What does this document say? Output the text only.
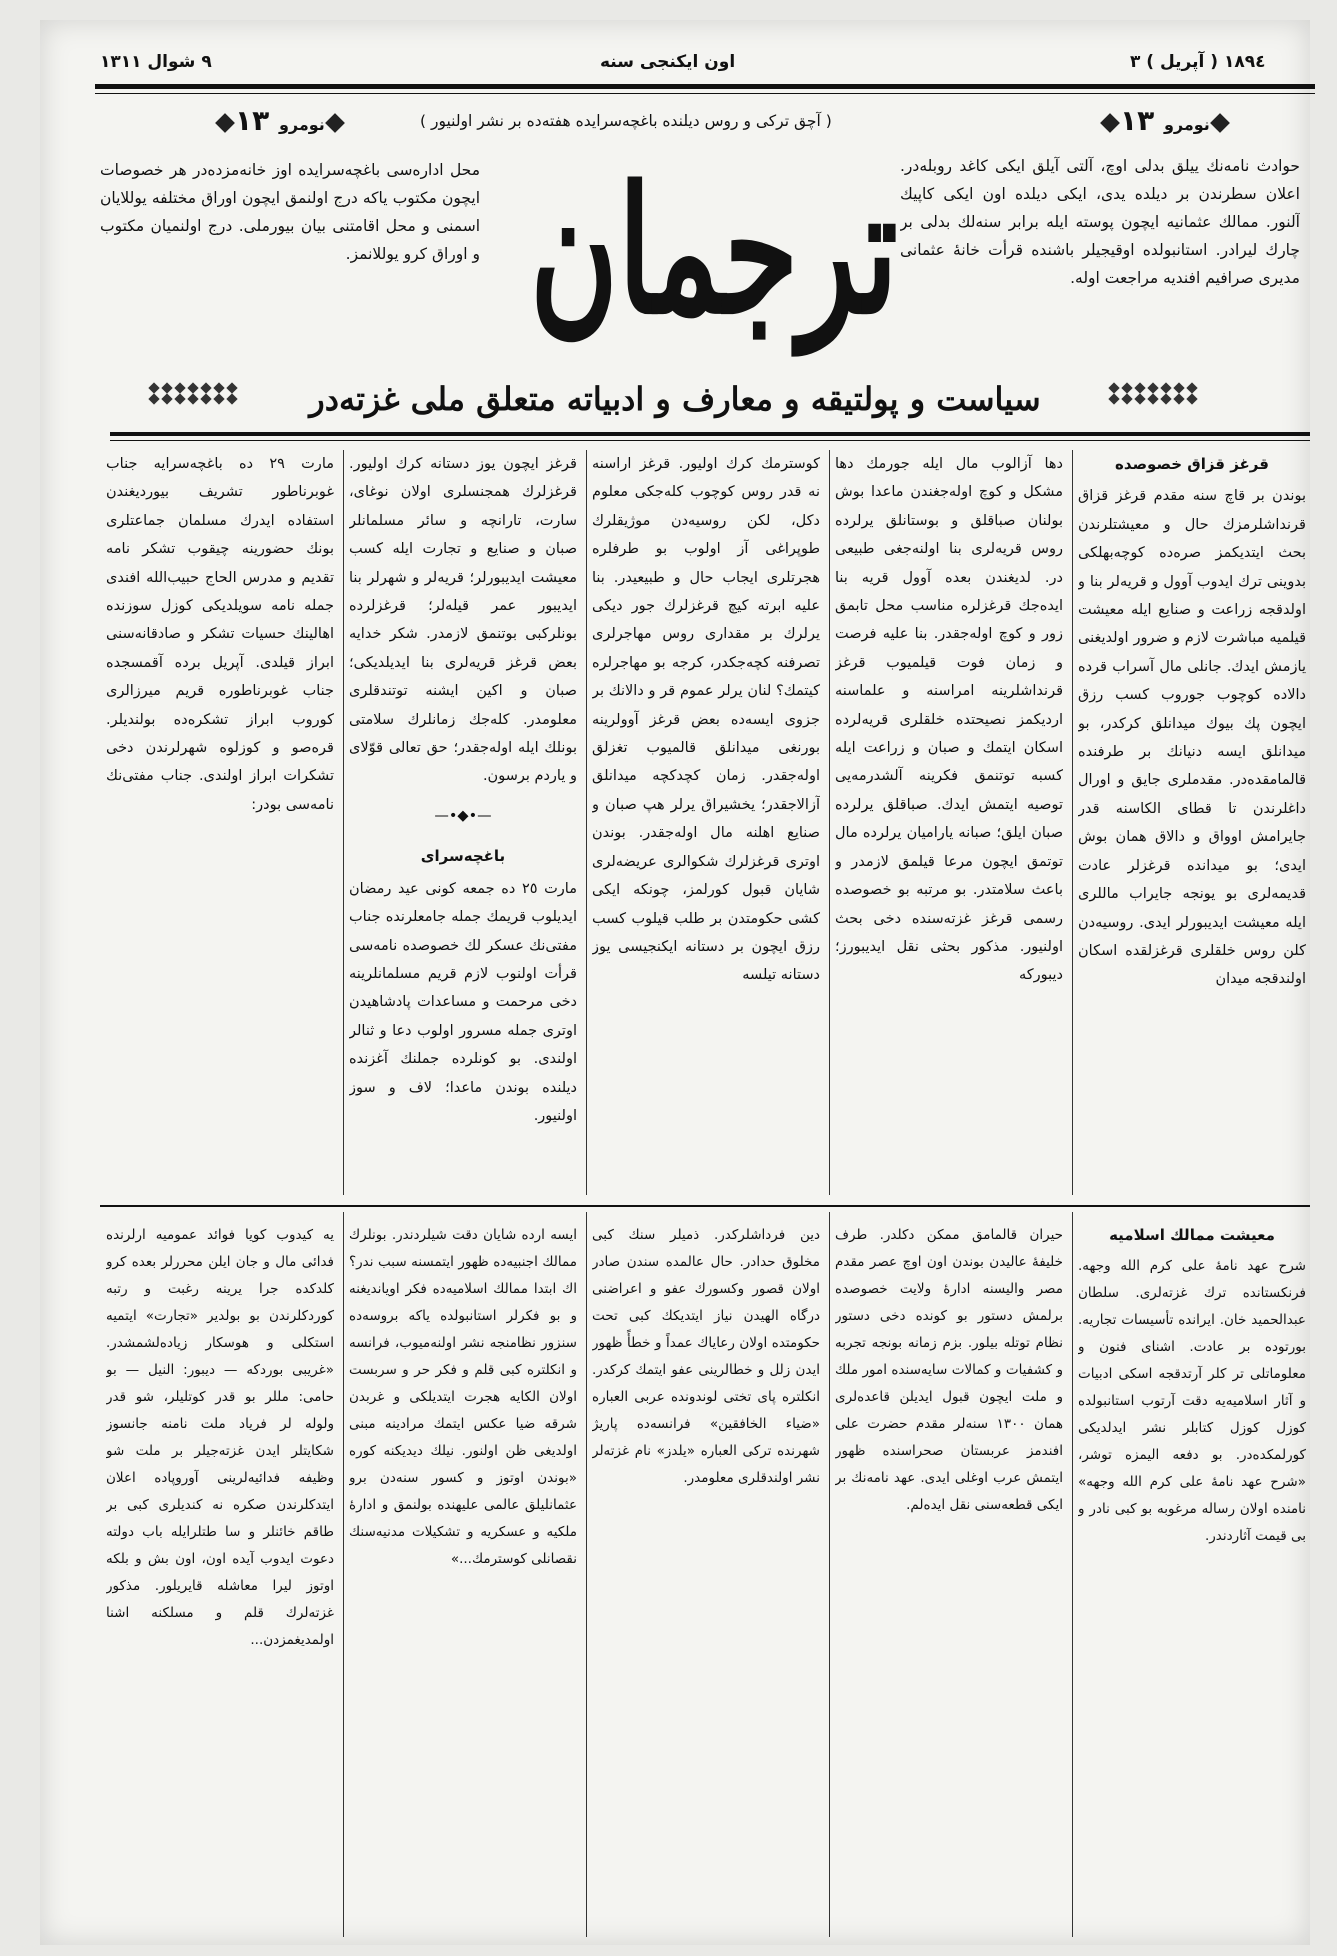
٩ شوال ١٣١١	اون ایکنجی سنه	١٨٩٤ ( آپریل ) ٣
نومرو ١٣	( آچق ترکی و روس دیلنده باغچه‌سرایده هفته‌ده بر نشر اولنیور )	نومرو ١٣
حوادث نامه‌نك ییلق بدلی اوچ، آلتی آیلق ایکی کاغد روبله‌در. اعلان سطرندن بر دیلده یدی، ایکی دیلده اون ایکی کاپیك آلنور. ممالك عثمانیه ایچون پوسته ایله برابر سنه‌لك بدلی بر چارك لیرادر. استانبولده اوقیجیلر باشنده قرأت خانهٔ عثمانی مدیری صرافیم افندیه مراجعت اوله.
محل اداره‌سی باغچه‌سرایده اوز خانه‌مزده‌در هر خصوصات ایچون مکتوب یاکه درج اولنمق ایچون اوراق مختلفه یوللایان اسمنی و محل اقامتنی بیان بیورملی. درج اولنمیان مکتوب و اوراق کرو یوللانمز. ترجمان
سیاست و پولتیقه و معارف و ادبیاته متعلق ملی غزته‌در
قرغز قزاق خصوصده
بوندن بر قاچ سنه مقدم قرغز قزاق قرنداشلرمزك حال و معیشتلرندن بحث ایتدیکمز صره‌ده کوچه‌بهلکی بدوینی ترك ایدوب آوول و قریه‌لر بنا و اولدقجه زراعت و صنایع ایله معیشت قیلمیه مباشرت لازم و ضرور اولدیغنی یازمش ایدك. جانلی مال آسراب قرده دالاده کوچوب جوروب کسب رزق ایچون پك بیوك میدانلق کرکدر، بو میدانلق ایسه دنیانك بر طرفنده قالمامقده‌در. مقدملری جایق و اورال داغلرندن تا قطای الکاسنه قدر جایرامش اوواق و دالاق همان بوش ایدی؛ بو میدانده قرغزلر عادت قدیمه‌لری بو یونجه جایراب ماللری ایله معیشت ایدیبورلر ایدی. روسیه‌دن کلن روس خلقلری قرغزلقده اسکان اولندقجه میدان
دها آزالوب مال ایله جورمك دها مشکل و کوچ اوله‌جغندن ماعدا بوش بولنان صباقلق و بوستانلق یرلرده روس قریه‌لری بنا اولنه‌جغی طبیعی در. لدیغندن بعده آوول قریه بنا ایده‌جك قرغزلره مناسب محل تابمق زور و کوچ اوله‌جقدر. بنا علیه فرصت و زمان فوت قیلمیوب قرغز قرنداشلرینه امراسنه و علماسنه اردیکمز نصیحتده خلقلری قریه‌لرده اسکان ایتمك و صبان و زراعت ایله کسبه توتنمق فکرینه آلشدرمه‌یی توصیه ایتمش ایدك. صباقلق یرلرده صبان ایلق؛ صبانه یارامیان یرلرده مال توتمق ایچون مرعا قیلمق لازمدر و باعث سلامتدر. بو مرتبه بو خصوصده رسمی قرغز غزته‌سنده دخی بحث اولنیور. مذکور بحثی نقل ایدیبورز؛ دیبورکه
کوسترمك کرك اولیور. قرغز اراسنه نه قدر روس کوچوب کله‌جکی معلوم دکل، لکن روسیه‌دن موژیقلرك طوپراغی آز اولوب بو طرفلره هجرتلری ایجاب حال و طبیعیدر. بنا علیه ابرته کیچ قرغزلرك جور دیکی یرلرك بر مقداری روس مهاجرلری تصرفنه کچه‌جکدر، کرجه بو مهاجرلره کیتمك؟ لنان یرلر عموم قر و دالانك بر جزوی ایسه‌ده بعض قرغز آوولرینه بورنغی میدانلق قالمیوب تغزلق اوله‌جقدر. زمان کچدکچه میدانلق آزالاجقدر؛ یخشیراق یرلر هپ صبان و صنایع اهلنه مال اوله‌جقدر. بوندن اوتری قرغزلرك شکوالری عریضه‌لری شایان قبول کورلمز، چونکه ایکی کشی حکومتدن بر طلب قیلوب کسب رزق ایچون بر دستانه ایکنجیسی یوز دستانه تیلسه
قرغز ایچون یوز دستانه کرك اولیور. قرغزلرك همجنسلری اولان نوغای، سارت، تارانچه و سائر مسلمانلر صبان و صنایع و تجارت ایله کسب معیشت ایدیبورلر؛ قریه‌لر و شهرلر بنا ایدیبور عمر قیلەلر؛ قرغزلرده بونلرکبی بوتنمق لازمدر. شکر خدایه بعض قرغز قریه‌لری بنا ایدیلدیکی؛ صبان و اکین ایشنه توتندقلری معلومدر. کله‌جك زمانلرك سلامتی بونلك ایله اوله‌جقدر؛ حق تعالی قوّلای و یاردم برسون.
—•◆•—
باغچه‌سرای
مارت ٢٥ ده جمعه کونی عید رمضان ایدیلوب قریمك جمله جامعلرنده جناب مفتی‌نك عسکر لك خصوصده نامه‌سی قرأت اولنوب لازم قریم مسلمانلرینه دخی مرحمت و مساعدات پادشاهیدن اوتری جمله مسرور اولوب دعا و ثنالر اولندی. بو کونلرده جملنك آغزنده دیلنده بوندن ماعدا؛ لاف و سوز اولنیور.
مارت ٢٩ ده باغچه‌سرایه جناب غوبرناطور تشریف بیوردیغندن استفاده ایدرك مسلمان جماعتلری بونك حضورینه چیقوب تشکر نامه تقدیم و مدرس الحاج حبیب‌الله افندی جمله نامه سویلدیکی کوزل سوزنده اهالینك حسیات تشکر و صادقانه‌سنی ابراز قیلدی. آپریل برده آقمسجده جناب غوبرناطوره قریم میرزالری کوروب ابراز تشکره‌ده بولندیلر. قره‌صو و کوزلوه شهرلرندن دخی تشکرات ابراز اولندی. جناب مفتی‌نك نامه‌سی بودر:
معیشت ممالك اسلامیه
شرح عهد نامهٔ علی کرم الله وجهه. فرنکستانده ترك غزته‌لری. سلطان عبدالحمید خان. ایرانده تأسیسات تجاریه. بورتوده بر عادت. اشنای فنون و معلوماتلی تر کلر آرتدقجه اسکی ادبیات و آثار اسلامیه‌یه دقت آرتوب استانبولده کوزل کوزل کتابلر نشر ایدلدیکی کورلمکده‌در. بو دفعه الیمزه توشر، «شرح عهد نامهٔ علی کرم الله وجهه» نامنده اولان رساله مرغوبه بو کبی نادر و بی قیمت آثاردندر.
حیران قالمامق ممکن دکلدر. طرف خلیفهٔ عالیدن بوندن اون اوچ عصر مقدم مصر والیسنه ادارهٔ ولایت خصوصده برلمش دستور بو کونده دخی دستور نظام توتله بیلور. بزم زمانه بونجه تجربه و کشفیات و کمالات سایه‌سنده امور ملك و ملت ایچون قبول ایدیلن قاعده‌لری همان ١٣٠٠ سنه‌لر مقدم حضرت علی افندمز عربستان صحراسنده ظهور ایتمش عرب اوغلی ایدی. عهد نامه‌نك بر ایکی قطعه‌سنی نقل ایده‌لم.
دین فرداشلرکدر. ذمیلر سنك کبی مخلوق حدادر. حال عالمده سندن صادر اولان قصور وکسورك عفو و اعراضنی درگاه الهیدن نیاز ایتدیکك کبی تحت حکومتده اولان رعایاك عمداً و خطأً ظهور ایدن زلل و خطالرینی عفو ایتمك کرکدر. انکلتره پای تختی لوندونده عربی العباره «ضیاء الخافقین» فرانسه‌ده پاریژ شهرنده ترکی العباره «یلدز» نام غزته‌لر نشر اولندقلری معلومدر.
ایسه اردە شایان دقت شیلردندر. بونلرك ممالك اجنبیه‌ده ظهور ایتمسنه سبب ندر؟ اك ابتدا ممالك اسلامیه‌ده فکر اویاندیغنه و بو فکرلر استانبولده یاکه بروسه‌ده سنزور نظامنجه نشر اولنه‌میوب، فرانسه و انکلتره کبی قلم و فکر حر و سربست اولان الکایه هجرت ایتدیلکی و غربدن شرقه ضیا عکس ایتمك مرادینه مبنی اولدیغی ظن اولنور. نیلك دیدیکنه کوره «بوندن اوتوز و کسور سنه‌دن برو عثمانلیلق عالمی علیهنده بولنمق و ادارهٔ ملکیه و عسکریه و تشکیلات مدنیه‌سنك نقصانلی کوسترمك...»
یه کیدوب کویا فوائد عمومیه ارلرنده فدائی مال و جان ایلن محررلر بعده کرو کلدکده جرا یرینه رغبت و رتبه کوردکلرندن بو بولدیر «تجارت» ایتمیه استکلی و هوسکار زیاده‌لشمشدر. «غریبی بوردکه — دیبور: النیل — بو حامی: مللر بو قدر کوتلیلر، شو قدر ولوله لر فریاد ملت نامنه جانسوز شکایتلر ایدن غزته‌جیلر بر ملت شو وظیفه فدائیه‌لرینی آوروپاده اعلان ایتدکلرندن صکره نه کندیلری کبی بر طاقم خائنلر و سا طتلرایله باب دولته دعوت ایدوب آیده اون، اون بش و بلکه اوتوز لیرا معاشله قایریلور. مذکور غزته‌لرك قلم و مسلکنه اشنا اولمدیغمزدن...
